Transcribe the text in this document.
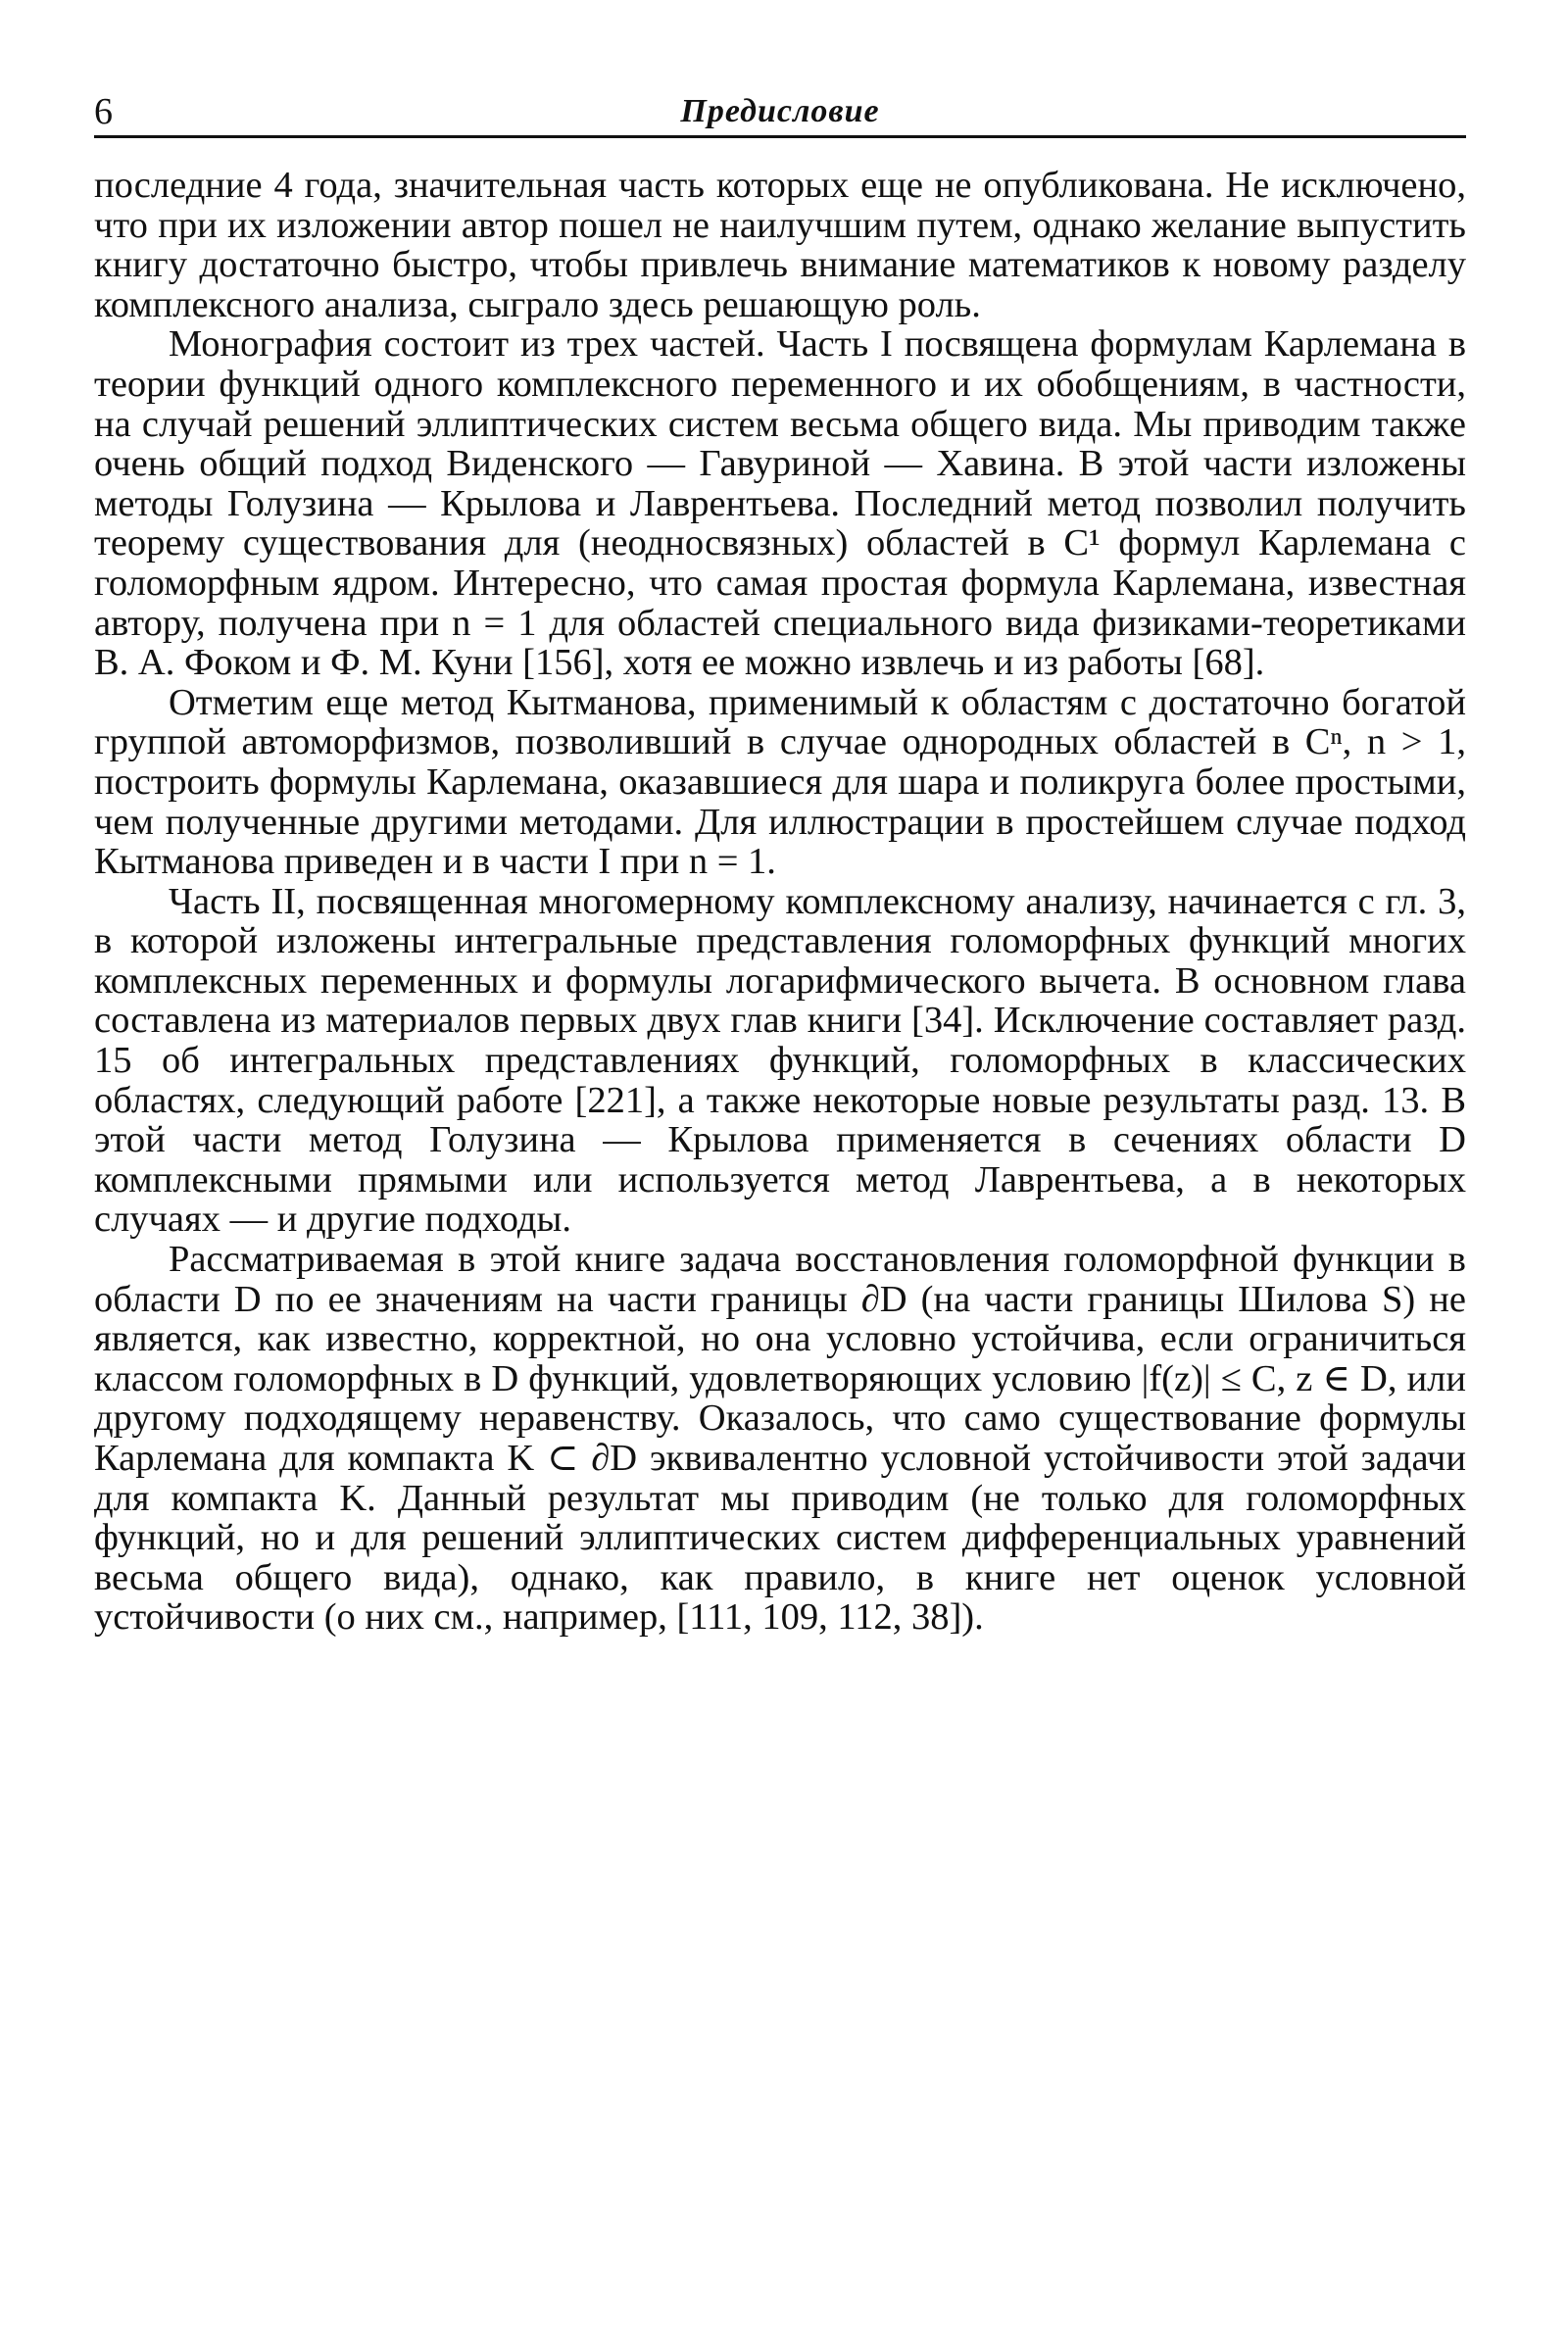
6	Предисловие

последние 4 года, значительная часть которых еще не опубликована. Не исключено, что при их изложении автор пошел не наилучшим путем, однако желание выпустить книгу достаточно быстро, чтобы привлечь внимание математиков к новому разделу комплексного анализа, сыграло здесь решающую роль.

Монография состоит из трех частей. Часть I посвящена формулам Карлемана в теории функций одного комплексного переменного и их обобщениям, в частности, на случай решений эллиптических систем весьма общего вида. Мы приводим также очень общий подход Виденского — Гавуриной — Хавина. В этой части изложены методы Голузина — Крылова и Лаврентьева. Последний метод позволил получить теорему существования для (неодносвязных) областей в C¹ формул Карлемана с голоморфным ядром. Интересно, что самая простая формула Карлемана, известная автору, получена при n = 1 для областей специального вида физиками-теоретиками В. А. Фоком и Ф. М. Куни [156], хотя ее можно извлечь и из работы [68].

Отметим еще метод Кытманова, применимый к областям с достаточно богатой группой автоморфизмов, позволивший в случае однородных областей в Cⁿ, n > 1, построить формулы Карлемана, оказавшиеся для шара и поликруга более простыми, чем полученные другими методами. Для иллюстрации в простейшем случае подход Кытманова приведен и в части I при n = 1.

Часть II, посвященная многомерному комплексному анализу, начинается с гл. 3, в которой изложены интегральные представления голоморфных функций многих комплексных переменных и формулы логарифмического вычета. В основном глава составлена из материалов первых двух глав книги [34]. Исключение составляет разд. 15 об интегральных представлениях функций, голоморфных в классических областях, следующий работе [221], а также некоторые новые результаты разд. 13. В этой части метод Голузина — Крылова применяется в сечениях области D комплексными прямыми или используется метод Лаврентьева, а в некоторых случаях — и другие подходы.

Рассматриваемая в этой книге задача восстановления голоморфной функции в области D по ее значениям на части границы ∂D (на части границы Шилова S) не является, как известно, корректной, но она условно устойчива, если ограничиться классом голоморфных в D функций, удовлетворяющих условию |f(z)| ≤ C, z ∈ D, или другому подходящему неравенству. Оказалось, что само существование формулы Карлемана для компакта K ⊂ ∂D эквивалентно условной устойчивости этой задачи для компакта K. Данный результат мы приводим (не только для голоморфных функций, но и для решений эллиптических систем дифференциальных уравнений весьма общего вида), однако, как правило, в книге нет оценок условной устойчивости (о них см., например, [111, 109, 112, 38]).
